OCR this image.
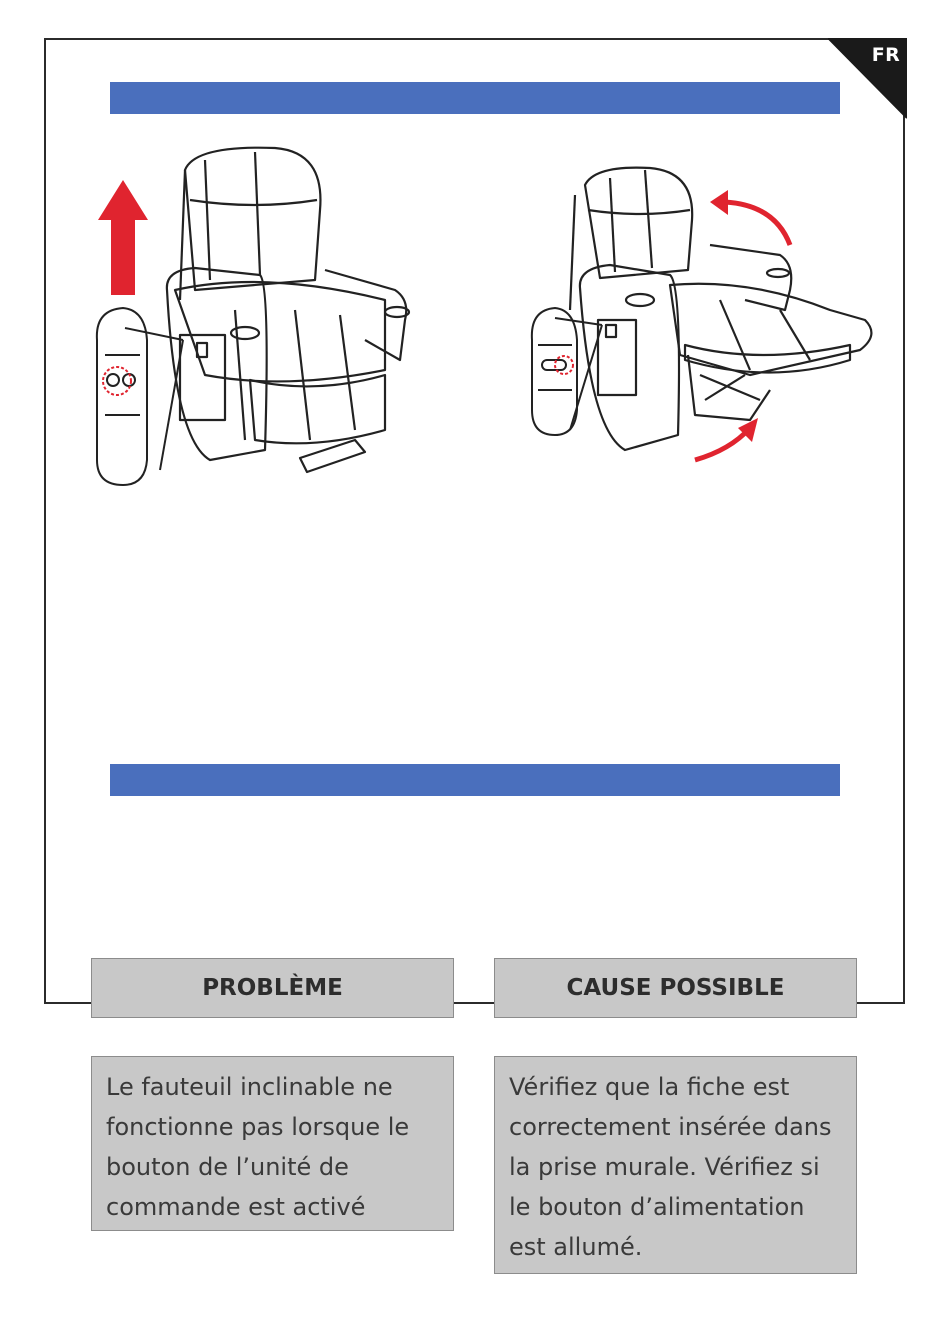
FR
PROBLÈME	CAUSE POSSIBLE
Le fauteuil inclinable ne fonctionne pas lorsque le bouton de l’unité de commande est activé
Vérifiez que la fiche est correctement insérée dans la prise murale. Vérifiez si le bouton d’alimentation est allumé.
